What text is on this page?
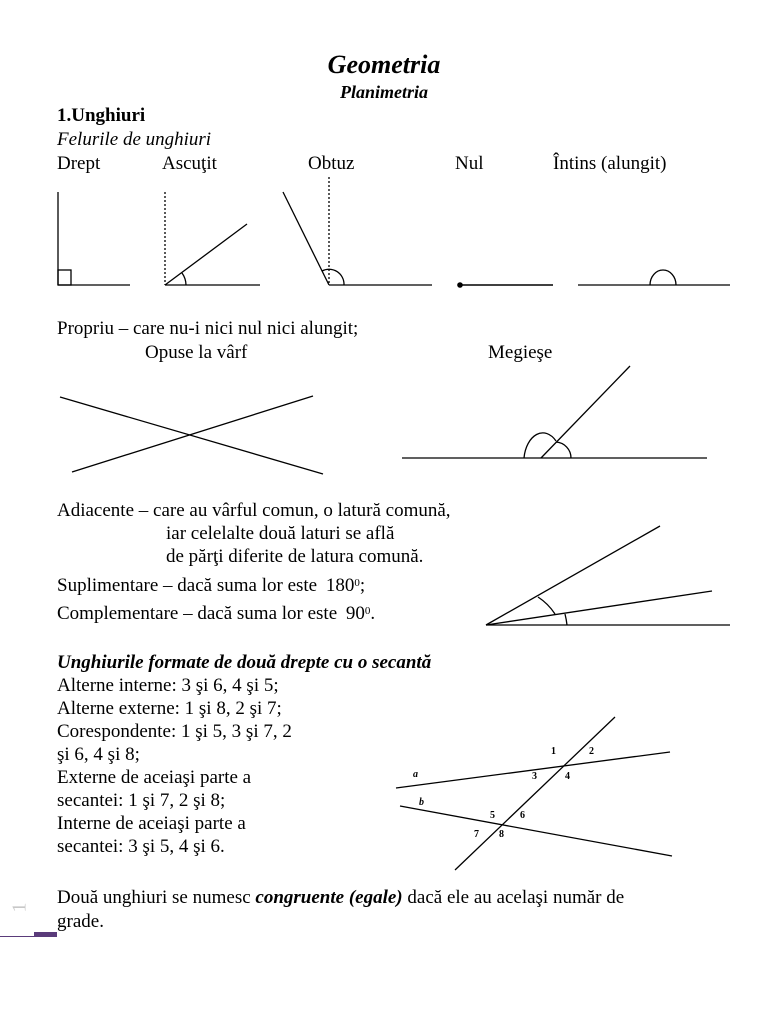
Geometria
Planimetria
1.Unghiuri
Felurile de unghiuri
Drept	Ascuţit	Obtuz	Nul	Întins (alungit)
Propriu – care nu-i nici nul nici alungit;
Opuse la vârf	Megieşe
Adiacente – care au vârful comun, o latură comună,
iar celelalte două laturi se află
de părţi diferite de latura comună.
Suplimentare – dacă suma lor este $180^0$;
Complementare – dacă suma lor este $90^0$.
Unghiurile formate de două drepte cu o secantă
Alterne interne: 3 şi 6, 4 şi 5;
Alterne externe: 1 şi 8, 2 şi 7;
Corespondente: 1 şi 5, 3 şi 7, 2
şi 6, 4 şi 8;
Externe de aceiaşi parte a
secantei: 1 şi 7, 2 şi 8;
Interne de aceiaşi parte a
secantei: 3 şi 5, 4 şi 6.
Două unghiuri se numesc congruente (egale) dacă ele au acelaşi număr de
grade.
1
a
b
1	2
3	4
5	6
7 8
